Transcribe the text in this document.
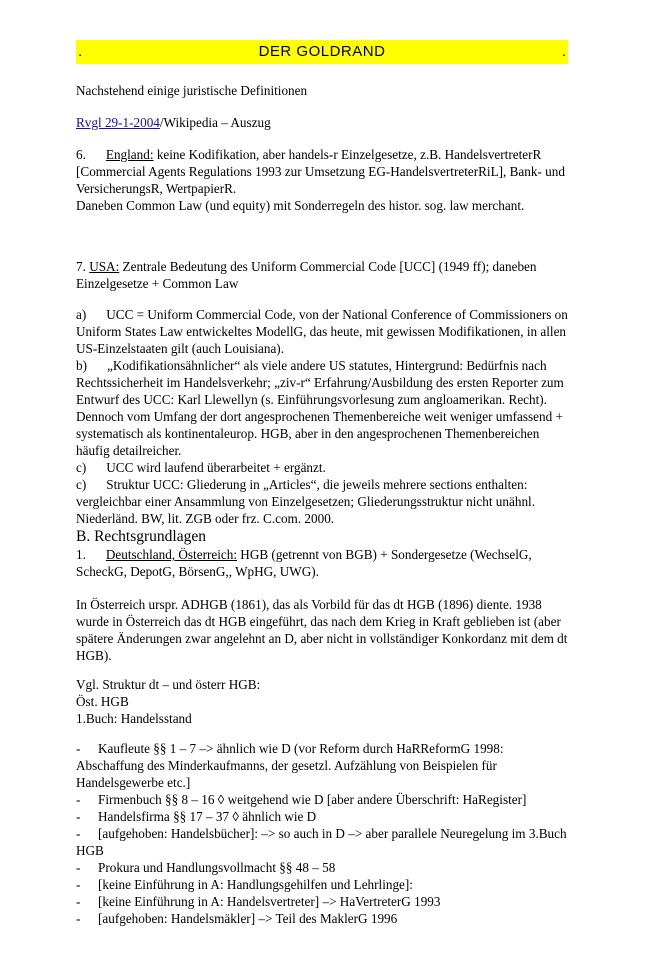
.	DER GOLDRAND	.
Nachstehend einige juristische Definitionen
Rvgl 29-1-2004/Wikipedia – Auszug
6. England: keine Kodifikation, aber handels-r Einzelgesetze, z.B. HandelsvertreterR [Commercial Agents Regulations 1993 zur Umsetzung EG-HandelsvertreterRiL], Bank- und VersicherungsR, WertpapierR.
Daneben Common Law (und equity) mit Sonderregeln des histor. sog. law merchant.
7. USA: Zentrale Bedeutung des Uniform Commercial Code [UCC] (1949 ff); daneben Einzelgesetze + Common Law
a) UCC = Uniform Commercial Code, von der National Conference of Commissioners on Uniform States Law entwickeltes ModellG, das heute, mit gewissen Modifikationen, in allen US-Einzelstaaten gilt (auch Louisiana).
b) „Kodifikationsähnlicher“ als viele andere US statutes, Hintergrund: Bedürfnis nach Rechtssicherheit im Handelsverkehr; „ziv-r“ Erfahrung/Ausbildung des ersten Reporter zum Entwurf des UCC: Karl Llewellyn (s. Einführungsvorlesung zum angloamerikan. Recht). Dennoch vom Umfang der dort angesprochenen Themenbereiche weit weniger umfassend + systematisch als kontinentaleurop. HGB, aber in den angesprochenen Themenbereichen häufig detailreicher.
c) UCC wird laufend überarbeitet + ergänzt.
c) Struktur UCC: Gliederung in „Articles“, die jeweils mehrere sections enthalten: vergleichbar einer Ansammlung von Einzelgesetzen; Gliederungsstruktur nicht unähnl. Niederländ. BW, lit. ZGB oder frz. C.com. 2000.
B. Rechtsgrundlagen
1. Deutschland, Österreich: HGB (getrennt von BGB) + Sondergesetze (WechselG, ScheckG, DepotG, BörsenG,, WpHG, UWG).
In Österreich urspr. ADHGB (1861), das als Vorbild für das dt HGB (1896) diente. 1938 wurde in Österreich das dt HGB eingeführt, das nach dem Krieg in Kraft geblieben ist (aber spätere Änderungen zwar angelehnt an D, aber nicht in vollständiger Konkordanz mit dem dt HGB).
Vgl. Struktur dt – und österr HGB:
Öst. HGB
1.Buch: Handelsstand
- Kaufleute §§ 1 – 7 –> ähnlich wie D (vor Reform durch HaRReformG 1998: Abschaffung des Minderkaufmanns, der gesetzl. Aufzählung von Beispielen für Handelsgewerbe etc.]
- Firmenbuch §§ 8 – 16 ◊ weitgehend wie D [aber andere Überschrift: HaRegister]
- Handelsfirma §§ 17 – 37 ◊ ähnlich wie D
- [aufgehoben: Handelsbücher]: –> so auch in D –> aber parallele Neuregelung im 3.Buch HGB
- Prokura und Handlungsvollmacht §§ 48 – 58
- [keine Einführung in A: Handlungsgehilfen und Lehrlinge]:
- [keine Einführung in A: Handelsvertreter] –> HaVertreterG 1993
- [aufgehoben: Handelsmäkler] –> Teil des MaklerG 1996
